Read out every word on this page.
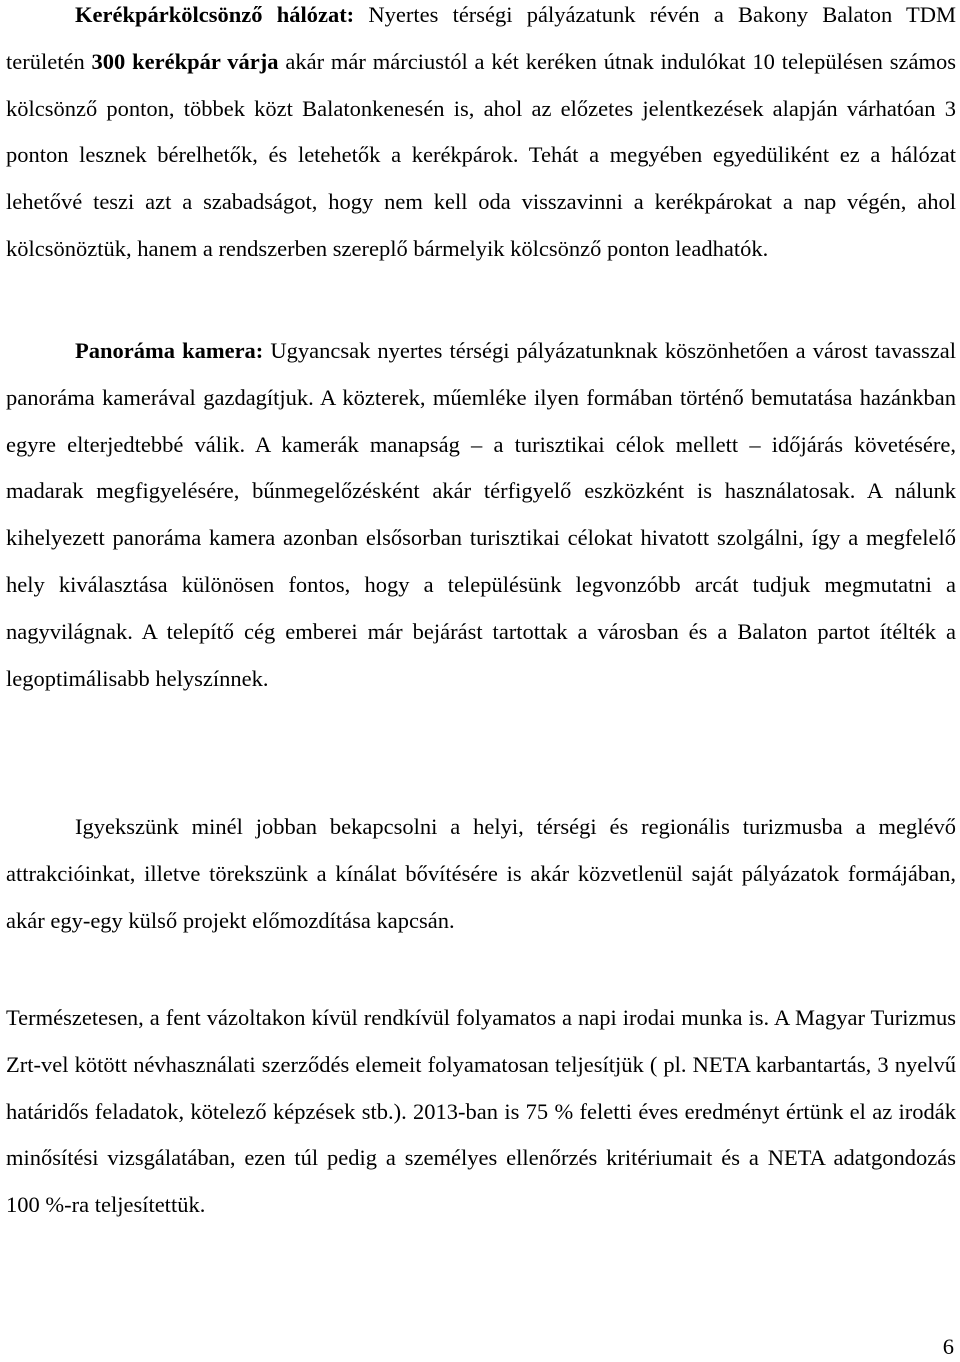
Kerékpárkölcsönző hálózat: Nyertes térségi pályázatunk révén a Bakony Balaton TDM területén 300 kerékpár várja akár már márciustól a két keréken útnak indulókat 10 településen számos kölcsönző ponton, többek közt Balatonkenesén is, ahol az előzetes jelentkezések alapján várhatóan 3 ponton lesznek bérelhetők, és letehetők a kerékpárok. Tehát a megyében egyedüliként ez a hálózat lehetővé teszi azt a szabadságot, hogy nem kell oda visszavinni a kerékpárokat a nap végén, ahol kölcsönöztük, hanem a rendszerben szereplő bármelyik kölcsönző ponton leadhatók.

Panoráma kamera: Ugyancsak nyertes térségi pályázatunknak köszönhetően a várost tavasszal panoráma kamerával gazdagítjuk. A közterek, műemléke ilyen formában történő bemutatása hazánkban egyre elterjedtebbé válik. A kamerák manapság – a turisztikai célok mellett – időjárás követésére, madarak megfigyelésére, bűnmegelőzésként akár térfigyelő eszközként is használatosak. A nálunk kihelyezett panoráma kamera azonban elsősorban turisztikai célokat hivatott szolgálni, így a megfelelő hely kiválasztása különösen fontos, hogy a településünk legvonzóbb arcát tudjuk megmutatni a nagyvilágnak. A telepítő cég emberei már bejárást tartottak a városban és a Balaton partot ítélték a legoptimálisabb helyszínnek.

Igyekszünk minél jobban bekapcsolni a helyi, térségi és regionális turizmusba a meglévő attrakcióinkat, illetve törekszünk a kínálat bővítésére is akár közvetlenül saját pályázatok formájában, akár egy-egy külső projekt előmozdítása kapcsán.

Természetesen, a fent vázoltakon kívül rendkívül folyamatos a napi irodai munka is. A Magyar Turizmus Zrt-vel kötött névhasználati szerződés elemeit folyamatosan teljesítjük ( pl. NETA karbantartás, 3 nyelvű határidős feladatok, kötelező képzések stb.). 2013-ban is 75 % feletti éves eredményt értünk el az irodák minősítési vizsgálatában, ezen túl pedig a személyes ellenőrzés kritériumait és a NETA adatgondozás 100 %-ra teljesítettük.

6
